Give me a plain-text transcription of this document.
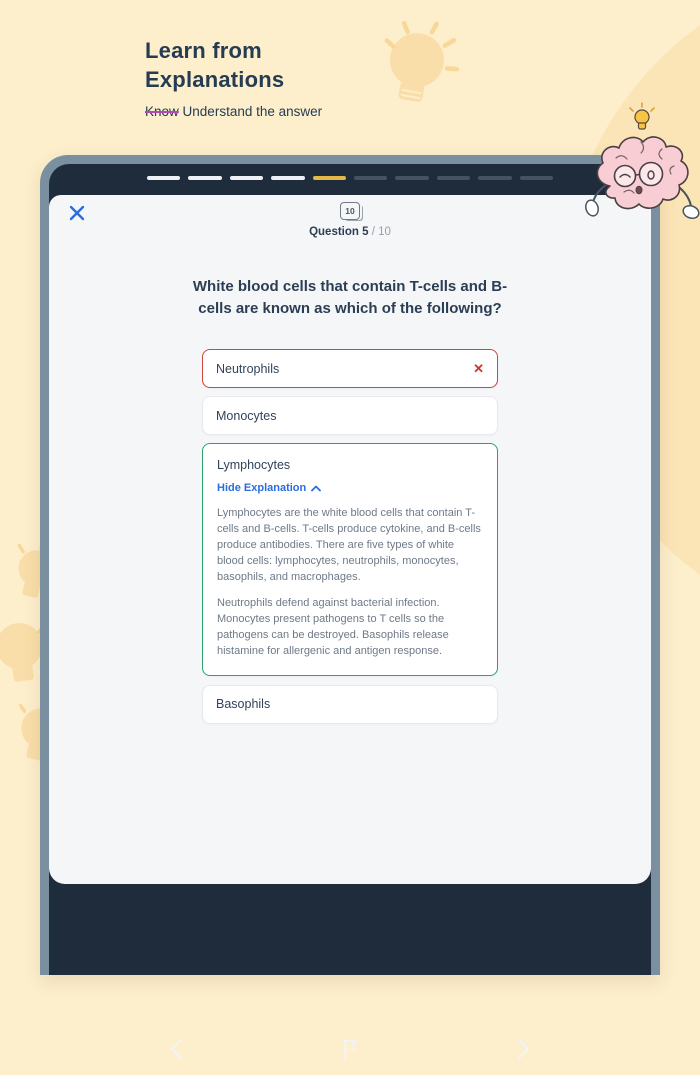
Learn from
Explanations
Know Understand the answer
10
Question 5 / 10
White blood cells that contain T-cells and B-cells are known as which of the following?
Neutrophils	✕
Monocytes
Lymphocytes
Hide Explanation

Lymphocytes are the white blood cells that contain T-cells and B-cells. T-cells produce cytokine, and B-cells produce antibodies. There are five types of white blood cells: lymphocytes, neutrophils, monocytes, basophils, and macrophages.

Neutrophils defend against bacterial infection. Monocytes present pathogens to T cells so the pathogens can be destroyed. Basophils release histamine for allergenic and antigen response.

Basophils
